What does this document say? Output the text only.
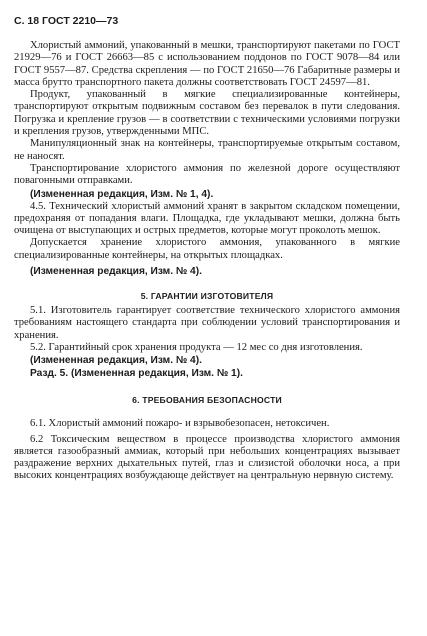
С. 18 ГОСТ 2210—73

Хлористый аммоний, упакованный в мешки, транспортируют пакетами по ГОСТ 21929—76 и ГОСТ 26663—85 с использованием поддонов по ГОСТ 9078—84 или ГОСТ 9557—87. Средства скрепления — по ГОСТ 21650—76 Габаритные размеры и масса брутто транспортного пакета должны соответствовать ГОСТ 24597—81.

Продукт, упакованный в мягкие специализированные контейнеры, транспортируют открытым подвижным составом без перевалок в пути следования. Погрузка и крепление грузов — в соответствии с техническими условиями погрузки и крепления грузов, утвержденными МПС.

Манипуляционный знак на контейнеры, транспортируемые открытым составом, не наносят.

Транспортирование хлористого аммония по железной дороге осуществляют повагонными отправками.

(Измененная редакция, Изм. № 1, 4).

4.5. Технический хлористый аммоний хранят в закрытом складском помещении, предохраняя от попадания влаги. Площадка, где укладывают мешки, должна быть очищена от выступающих и острых предметов, которые могут проколоть мешок.

Допускается хранение хлористого аммония, упакованного в мягкие специализированные контейнеры, на открытых площадках.

(Измененная редакция, Изм. № 4).

5. ГАРАНТИИ ИЗГОТОВИТЕЛЯ

5.1. Изготовитель гарантирует соответствие технического хлористого аммония требованиям настоящего стандарта при соблюдении условий транспортирования и хранения.

5.2. Гарантийный срок хранения продукта — 12 мес со дня изготовления.

(Измененная редакция, Изм. № 4).

Разд. 5. (Измененная редакция, Изм. № 1).

6. ТРЕБОВАНИЯ БЕЗОПАСНОСТИ

6.1. Хлористый аммоний пожаро- и взрывобезопасен, нетоксичен.

6.2 Токсическим веществом в процессе производства хлористого аммония является газообразный аммиак, который при небольших концентрациях вызывает раздражение верхних дыхательных путей, глаз и слизистой оболочки носа, а при высоких концентрациях возбуждающе действует на центральную нервную систему.
